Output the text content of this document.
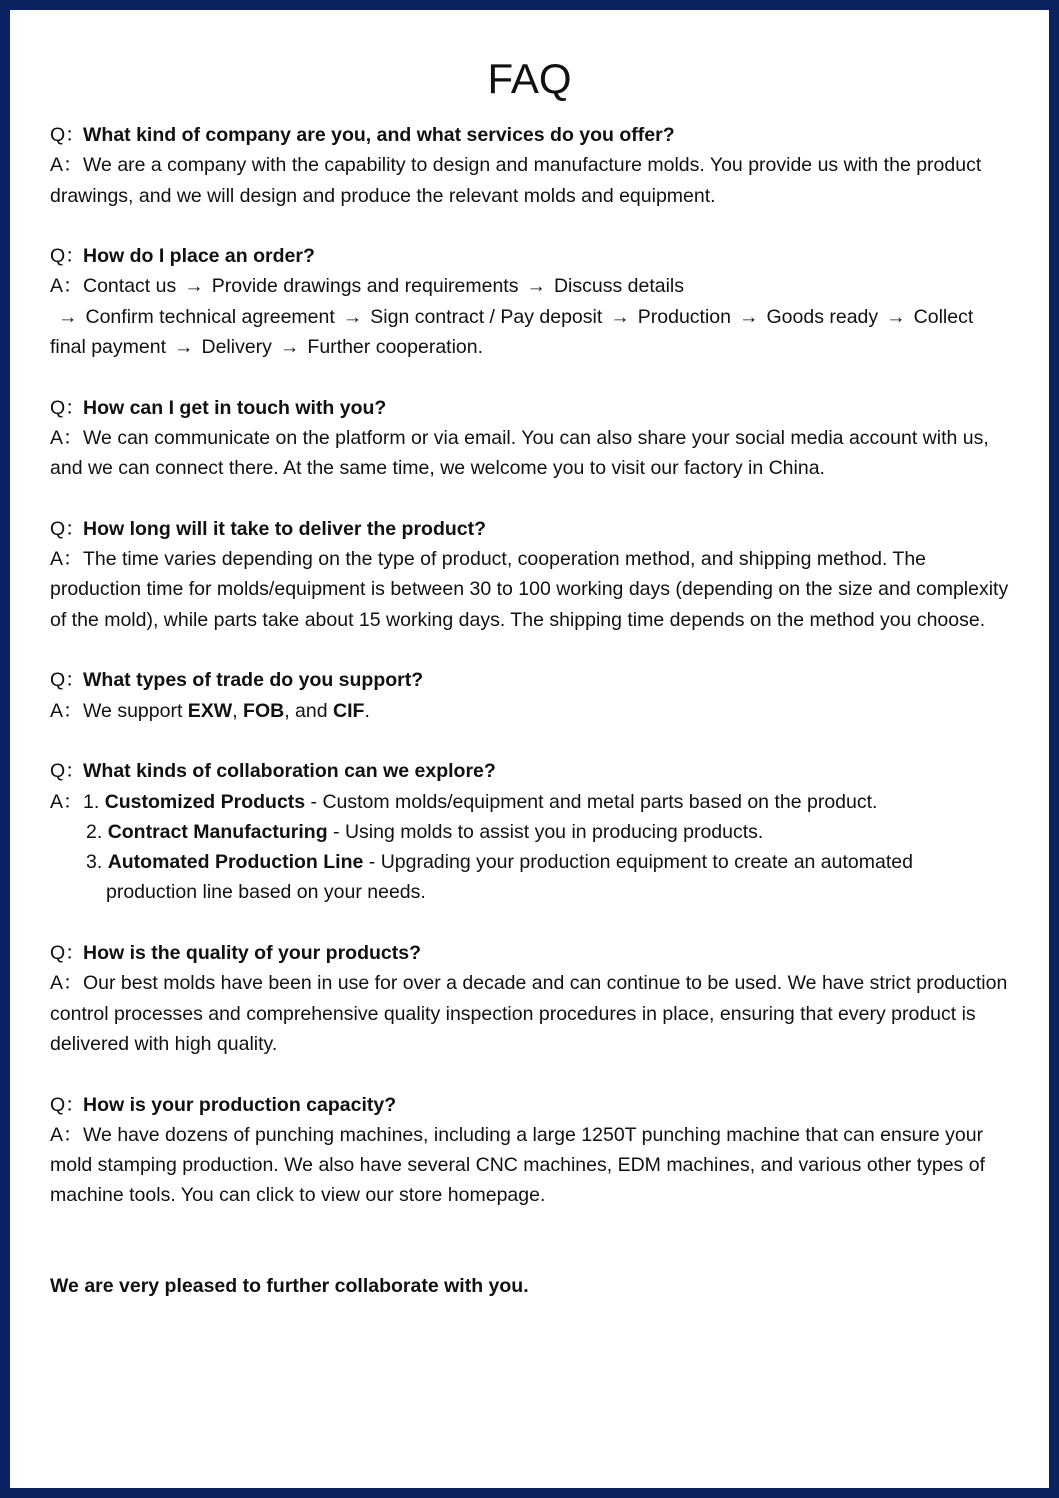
FAQ

Q：What kind of company are you, and what services do you offer?

A：We are a company with the capability to design and manufacture molds. You provide us with the product drawings, and we will design and produce the relevant molds and equipment.

Q：How do I place an order?

A：Contact us → Provide drawings and requirements → Discuss details
→ Confirm technical agreement → Sign contract / Pay deposit → Production → Goods ready → Collect final payment → Delivery → Further cooperation.

Q：How can I get in touch with you?

A：We can communicate on the platform or via email. You can also share your social media account with us, and we can connect there. At the same time, we welcome you to visit our factory in China.

Q：How long will it take to deliver the product?

A：The time varies depending on the type of product, cooperation method, and shipping method. The production time for molds/equipment is between 30 to 100 working days (depending on the size and complexity of the mold), while parts take about 15 working days. The shipping time depends on the method you choose.

Q：What types of trade do you support?

A：We support EXW, FOB, and CIF.

Q：What kinds of collaboration can we explore?

A：1. Customized Products - Custom molds/equipment and metal parts based on the product.
2. Contract Manufacturing - Using molds to assist you in producing products.
3. Automated Production Line - Upgrading your production equipment to create an automated
production line based on your needs.

Q：How is the quality of your products?

A：Our best molds have been in use for over a decade and can continue to be used. We have strict production control processes and comprehensive quality inspection procedures in place, ensuring that every product is delivered with high quality.

Q：How is your production capacity?

A：We have dozens of punching machines, including a large 1250T punching machine that can ensure your mold stamping production. We also have several CNC machines, EDM machines, and various other types of machine tools. You can click to view our store homepage.

We are very pleased to further collaborate with you.
